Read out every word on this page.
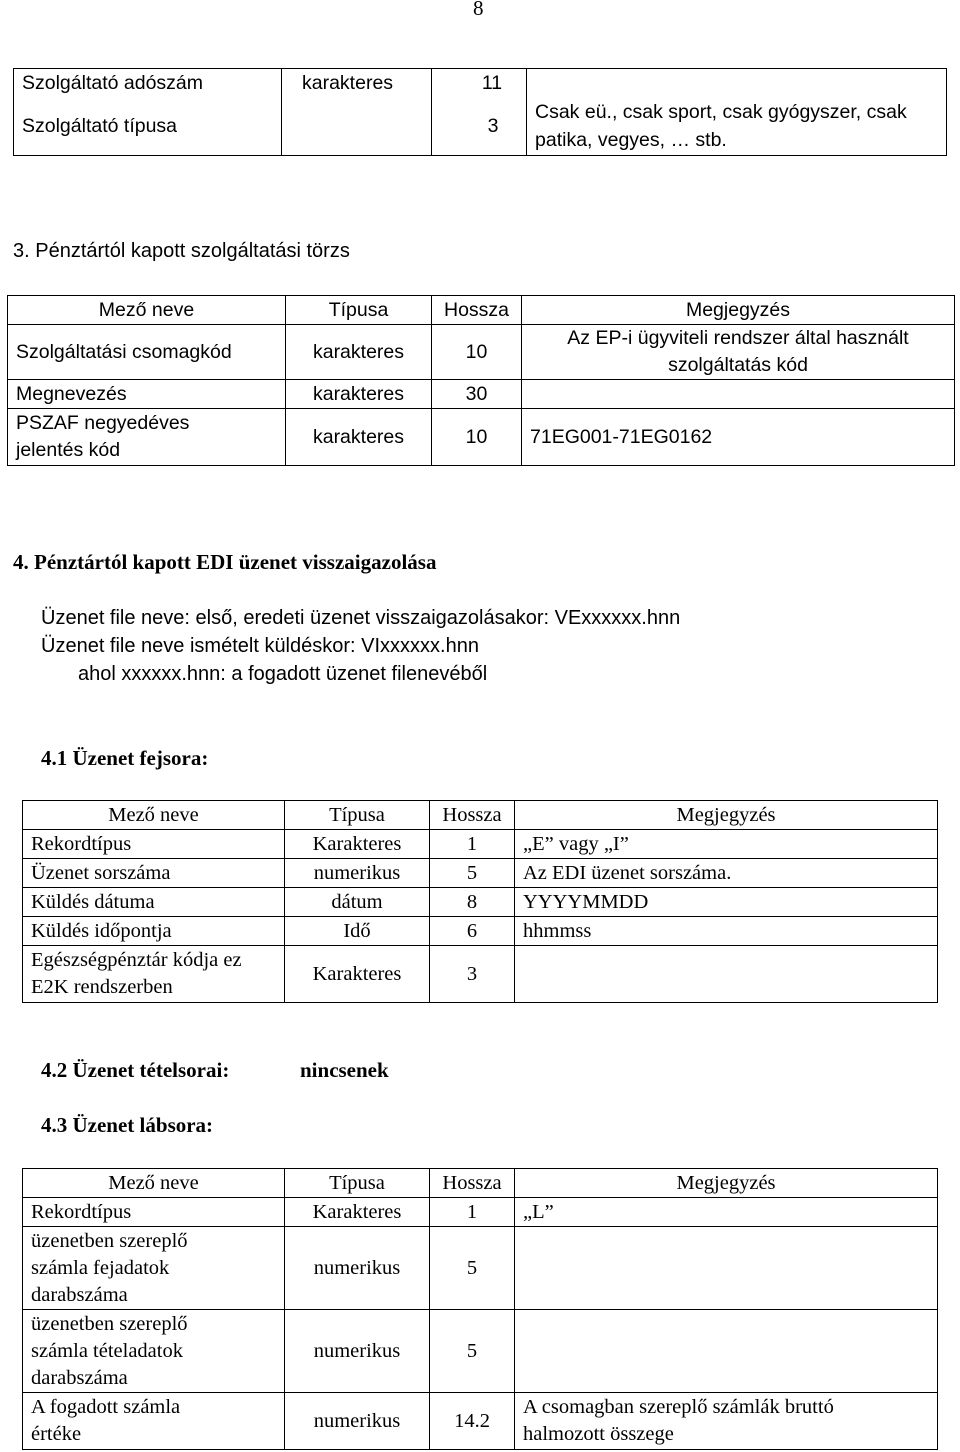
8
Szolgáltató adószám	karakteres	11	
Szolgáltató típusa		3	Csak eü., csak sport, csak gyógyszer, csak patika, vegyes, … stb.
3. Pénztártól kapott szolgáltatási törzs
Mező neve	Típusa	Hossza	Megjegyzés
Szolgáltatási csomagkód	karakteres	10	Az EP-i ügyviteli rendszer által használt szolgáltatás kód
Megnevezés	karakteres	30	
PSZAF negyedéves jelentés kód	karakteres	10	71EG001-71EG0162
4. Pénztártól kapott EDI üzenet visszaigazolása
Üzenet file neve: első, eredeti üzenet visszaigazolásakor: VExxxxxx.hnn
Üzenet file neve ismételt küldéskor: VIxxxxxx.hnn
ahol xxxxxx.hnn: a fogadott üzenet filenevéből
4.1 Üzenet fejsora:
Mező neve	Típusa	Hossza	Megjegyzés
Rekordtípus	Karakteres	1	„E” vagy „I”
Üzenet sorszáma	numerikus	5	Az EDI üzenet sorszáma.
Küldés dátuma	dátum	8	YYYYMMDD
Küldés időpontja	Idő	6	hhmmss
Egészségpénztár kódja ez E2K rendszerben	Karakteres	3	
4.2 Üzenet tételsorai:	nincsenek
4.3 Üzenet lábsora:
Mező neve	Típusa	Hossza	Megjegyzés
Rekordtípus	Karakteres	1	„L”
üzenetben szereplő számla fejadatok darabszáma	numerikus	5	
üzenetben szereplő számla tételadatok darabszáma	numerikus	5	
A fogadott számla értéke	numerikus	14.2	A csomagban szereplő számlák bruttó halmozott összege
